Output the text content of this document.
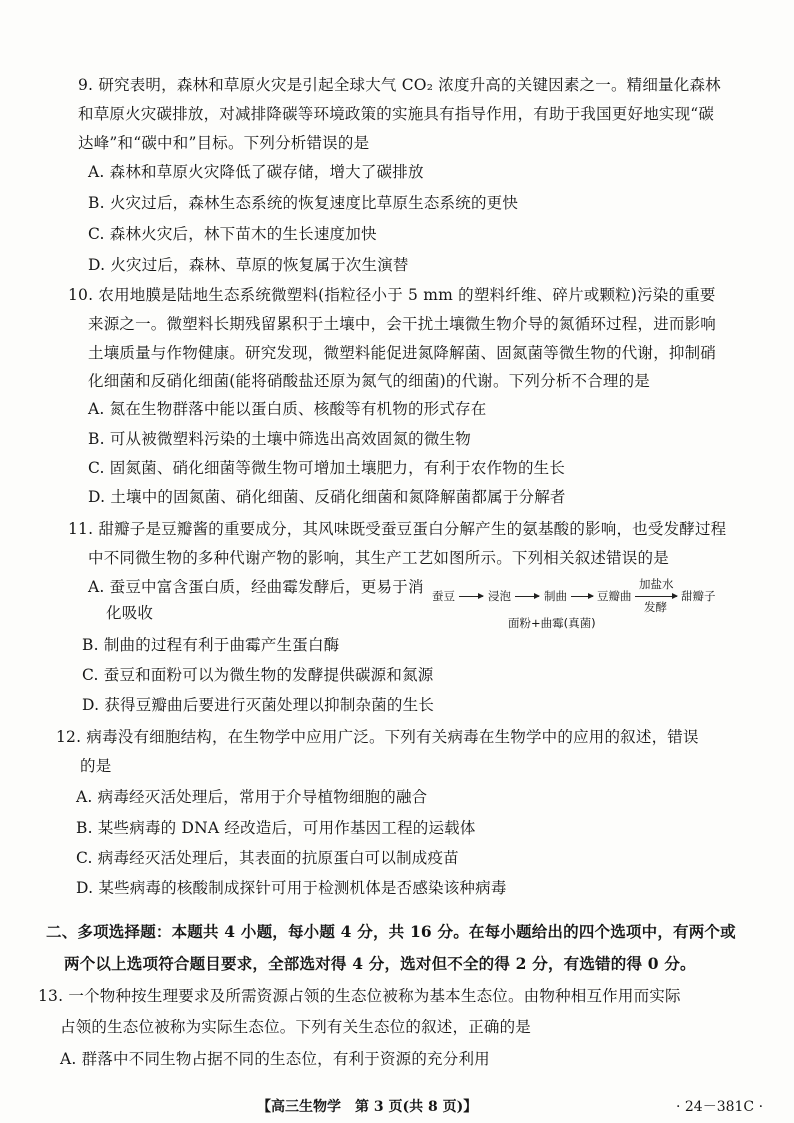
9. 研究表明，森林和草原火灾是引起全球大气 CO₂ 浓度升高的关键因素之一。精细量化森林
和草原火灾碳排放，对减排降碳等环境政策的实施具有指导作用，有助于我国更好地实现“碳
达峰”和“碳中和”目标。下列分析错误的是
A. 森林和草原火灾降低了碳存储，增大了碳排放
B. 火灾过后，森林生态系统的恢复速度比草原生态系统的更快
C. 森林火灾后，林下苗木的生长速度加快
D. 火灾过后，森林、草原的恢复属于次生演替
10. 农用地膜是陆地生态系统微塑料(指粒径小于 5 mm 的塑料纤维、碎片或颗粒)污染的重要
来源之一。微塑料长期残留累积于土壤中，会干扰土壤微生物介导的氮循环过程，进而影响
土壤质量与作物健康。研究发现，微塑料能促进氮降解菌、固氮菌等微生物的代谢，抑制硝
化细菌和反硝化细菌(能将硝酸盐还原为氮气的细菌)的代谢。下列分析不合理的是
A. 氮在生物群落中能以蛋白质、核酸等有机物的形式存在
B. 可从被微塑料污染的土壤中筛选出高效固氮的微生物
C. 固氮菌、硝化细菌等微生物可增加土壤肥力，有利于农作物的生长
D. 土壤中的固氮菌、硝化细菌、反硝化细菌和氮降解菌都属于分解者
11. 甜瓣子是豆瓣酱的重要成分，其风味既受蚕豆蛋白分解产生的氨基酸的影响，也受发酵过程
中不同微生物的多种代谢产物的影响，其生产工艺如图所示。下列相关叙述错误的是
A. 蚕豆中富含蛋白质，经曲霉发酵后，更易于消
化吸收
蚕豆	浸泡	制曲	豆瓣曲
加盐水
发酵
甜瓣子
面粉+曲霉(真菌)
B. 制曲的过程有利于曲霉产生蛋白酶
C. 蚕豆和面粉可以为微生物的发酵提供碳源和氮源
D. 获得豆瓣曲后要进行灭菌处理以抑制杂菌的生长
12. 病毒没有细胞结构，在生物学中应用广泛。下列有关病毒在生物学中的应用的叙述，错误
的是
A. 病毒经灭活处理后，常用于介导植物细胞的融合
B. 某些病毒的 DNA 经改造后，可用作基因工程的运载体
C. 病毒经灭活处理后，其表面的抗原蛋白可以制成疫苗
D. 某些病毒的核酸制成探针可用于检测机体是否感染该种病毒
二、多项选择题：本题共 4 小题，每小题 4 分，共 16 分。在每小题给出的四个选项中，有两个或
两个以上选项符合题目要求，全部选对得 4 分，选对但不全的得 2 分，有选错的得 0 分。
13. 一个物种按生理要求及所需资源占领的生态位被称为基本生态位。由物种相互作用而实际
占领的生态位被称为实际生态位。下列有关生态位的叙述，正确的是
A. 群落中不同生物占据不同的生态位，有利于资源的充分利用
【高三生物学　第 3 页(共 8 页)】	· 24－381C ·
